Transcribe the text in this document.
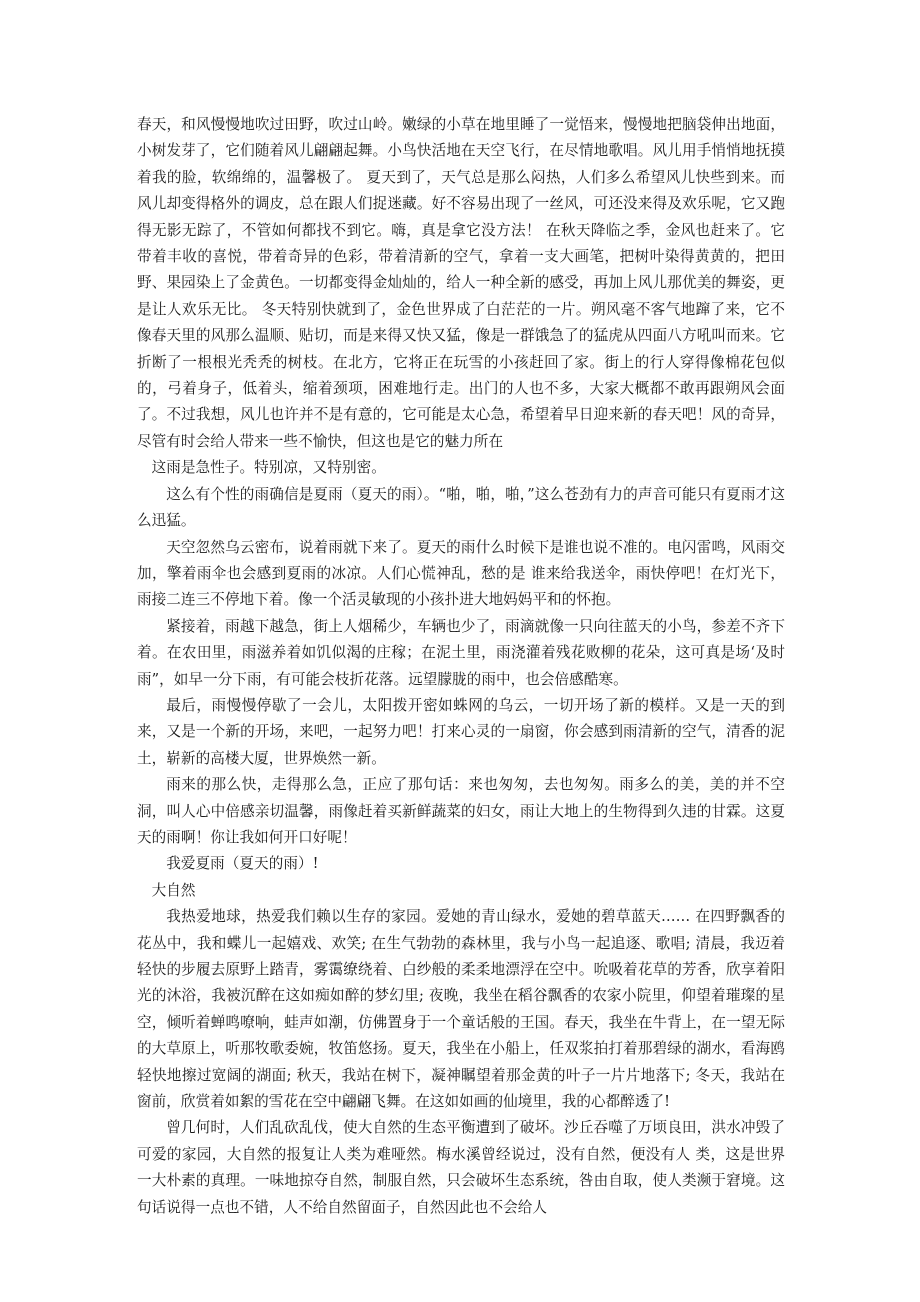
春天，和风慢慢地吹过田野，吹过山岭。嫩绿的小草在地里睡了一觉悟来，慢慢地把脑袋伸出地面，小树发芽了，它们随着风儿翩翩起舞。小鸟快活地在天空飞行，在尽情地歌唱。风儿用手悄悄地抚摸着我的脸，软绵绵的，温馨极了。 夏天到了，天气总是那么闷热，人们多么希望风儿快些到来。而风儿却变得格外的调皮，总在跟人们捉迷藏。好不容易出现了一丝风，可还没来得及欢乐呢，它又跑得无影无踪了，不管如何都找不到它。嗨，真是拿它没方法！ 在秋天降临之季，金风也赶来了。它带着丰收的喜悦，带着奇异的色彩，带着清新的空气，拿着一支大画笔，把树叶染得黄黄的，把田野、果园染上了金黄色。一切都变得金灿灿的，给人一种全新的感受，再加上风儿那优美的舞姿，更是让人欢乐无比。 冬天特别快就到了，金色世界成了白茫茫的一片。朔风毫不客气地蹿了来，它不像春天里的风那么温顺、贴切，而是来得又快又猛，像是一群饿急了的猛虎从四面八方吼叫而来。它折断了一根根光秃秃的树枝。在北方，它将正在玩雪的小孩赶回了家。街上的行人穿得像棉花包似的，弓着身子，低着头，缩着颈项，困难地行走。出门的人也不多，大家大概都不敢再跟朔风会面了。不过我想，风儿也许并不是有意的，它可能是太心急，希望着早日迎来新的春天吧！风的奇异，尽管有时会给人带来一些不愉快，但这也是它的魅力所在

这雨是急性子。特别凉，又特别密。

这么有个性的雨确信是夏雨（夏天的雨）。“啪，啪，啪，”这么苍劲有力的声音可能只有夏雨才这么迅猛。

天空忽然乌云密布，说着雨就下来了。夏天的雨什么时候下是谁也说不准的。电闪雷鸣，风雨交加，擎着雨伞也会感到夏雨的冰凉。人们心慌神乱，愁的是 谁来给我送伞，雨快停吧！在灯光下，雨接二连三不停地下着。像一个活灵敏现的小孩扑进大地妈妈平和的怀抱。

紧接着，雨越下越急，街上人烟稀少，车辆也少了，雨滴就像一只向往蓝天的小鸟，参差不齐下着。在农田里，雨滋养着如饥似渴的庄稼；在泥土里，雨浇灌着残花败柳的花朵，这可真是场‘及时雨”，如早一分下雨，有可能会枝折花落。远望朦胧的雨中，也会倍感酷寒。

最后，雨慢慢停歇了一会儿，太阳拨开密如蛛网的乌云，一切开场了新的模样。又是一天的到来，又是一个新的开场，来吧，一起努力吧！打来心灵的一扇窗，你会感到雨清新的空气，清香的泥土，崭新的高楼大厦，世界焕然一新。

雨来的那么快，走得那么急，正应了那句话：来也匆匆，去也匆匆。雨多么的美，美的并不空洞，叫人心中倍感亲切温馨，雨像赶着买新鲜蔬菜的妇女，雨让大地上的生物得到久违的甘霖。这夏天的雨啊！你让我如何开口好呢！

我爱夏雨（夏天的雨）!

大自然

我热爱地球，热爱我们赖以生存的家园。爱她的青山绿水，爱她的碧草蓝天…… 在四野飘香的花丛中，我和蝶儿一起嬉戏、欢笑; 在生气勃勃的森林里，我与小鸟一起追逐、歌唱; 清晨，我迈着轻快的步履去原野上踏青，雾霭缭绕着、白纱般的柔柔地漂浮在空中。吮吸着花草的芳香，欣享着阳光的沐浴，我被沉醉在这如痴如醉的梦幻里; 夜晚，我坐在稻谷飘香的农家小院里，仰望着璀璨的星空，倾听着蝉鸣嘹响，蛙声如潮，仿佛置身于一个童话般的王国。春天，我坐在牛背上，在一望无际的大草原上，听那牧歌委婉，牧笛悠扬。夏天，我坐在小船上，任双浆拍打着那碧绿的湖水，看海鸥轻快地擦过宽阔的湖面; 秋天，我站在树下，凝神瞩望着那金黄的叶子一片片地落下; 冬天，我站在窗前，欣赏着如絮的雪花在空中翩翩飞舞。在这如如画的仙境里，我的心都醉透了!

曾几何时，人们乱砍乱伐，使大自然的生态平衡遭到了破坏。沙丘吞噬了万顷良田，洪水冲毁了可爱的家园，大自然的报复让人类为难哑然。梅水溪曾经说过，没有自然，便没有人 类，这是世界一大朴素的真理。一味地掠夺自然，制服自然，只会破坏生态系统，咎由自取，使人类濒于窘境。这句话说得一点也不错，人不给自然留面子，自然因此也不会给人
